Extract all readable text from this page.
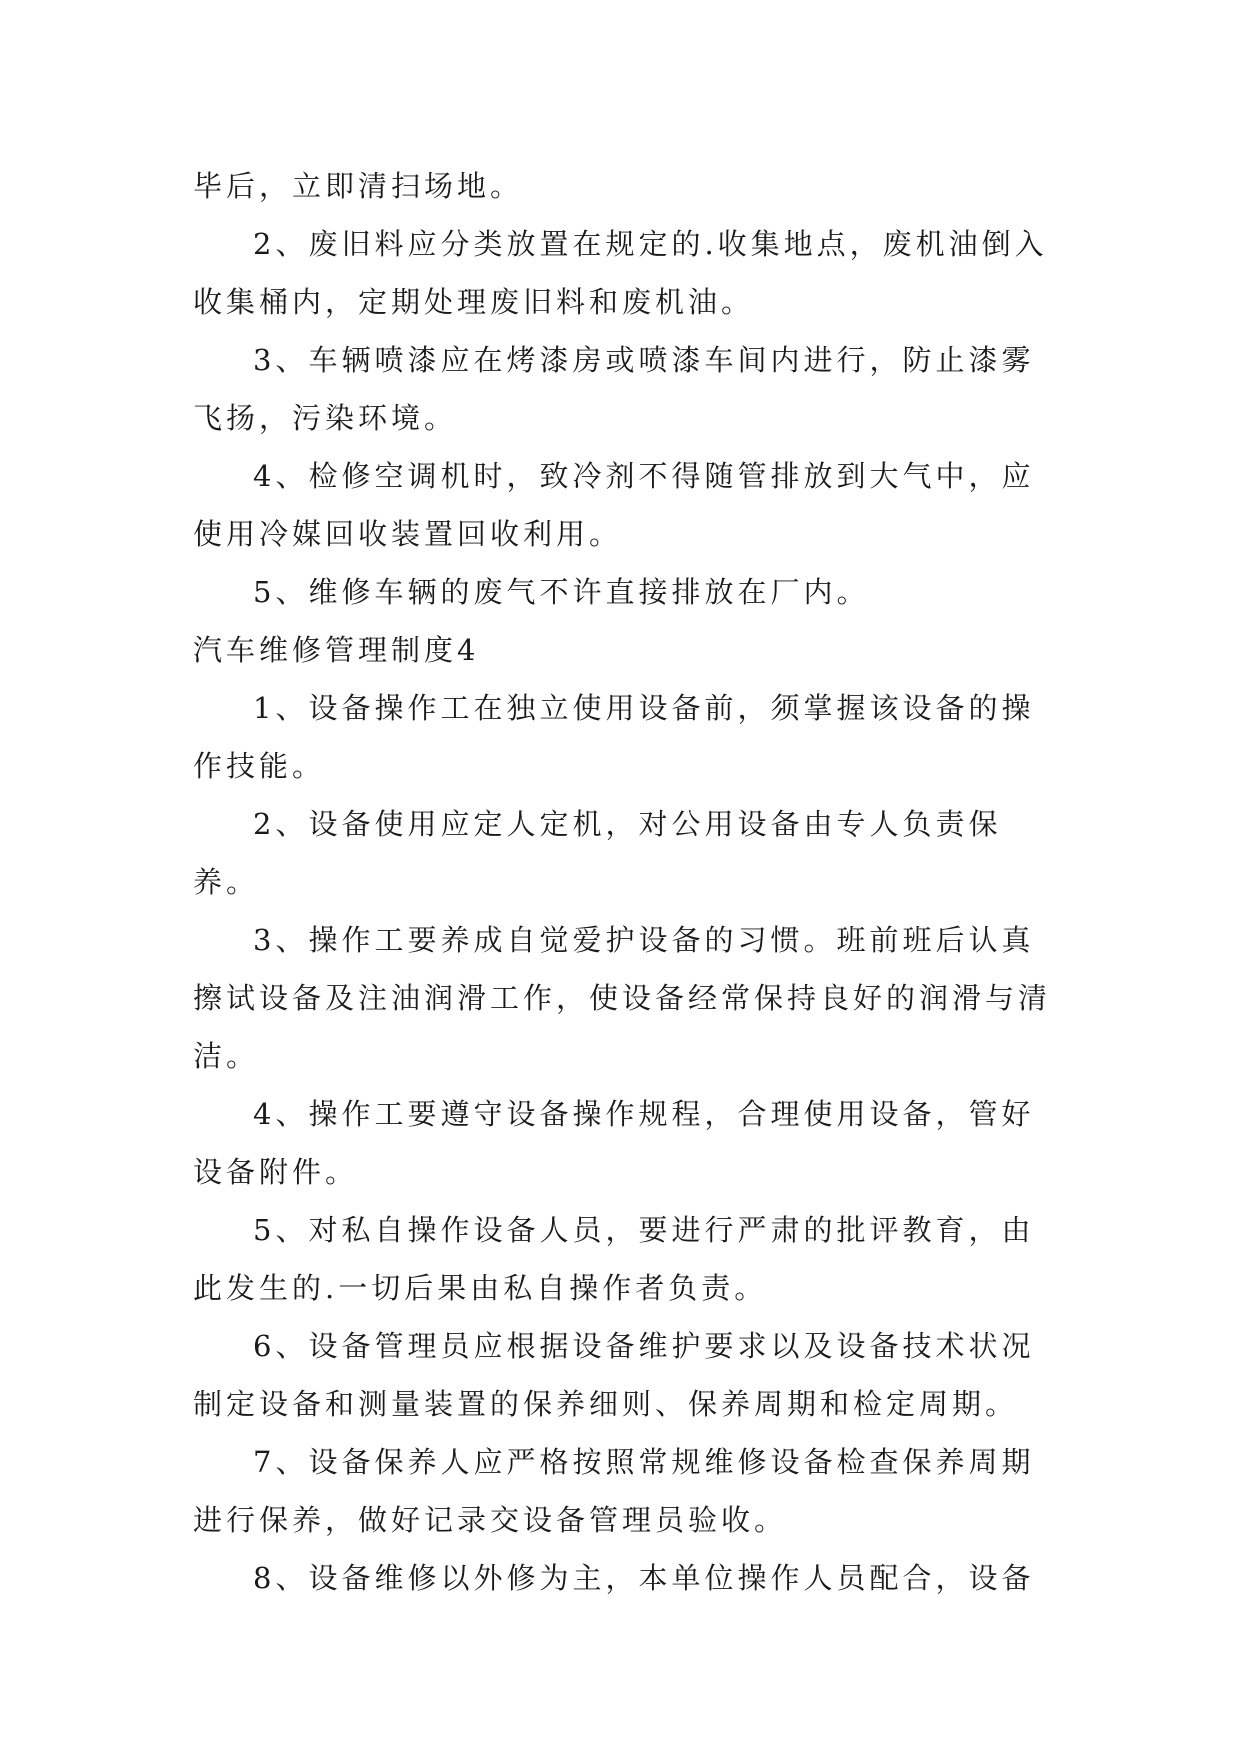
毕后，立即清扫场地。

2、废旧料应分类放置在规定的.收集地点，废机油倒入收集桶内，定期处理废旧料和废机油。

3、车辆喷漆应在烤漆房或喷漆车间内进行，防止漆雾飞扬，污染环境。

4、检修空调机时，致冷剂不得随管排放到大气中，应使用冷媒回收装置回收利用。

5、维修车辆的废气不许直接排放在厂内。

汽车维修管理制度4

1、设备操作工在独立使用设备前，须掌握该设备的操作技能。

2、设备使用应定人定机，对公用设备由专人负责保养。

3、操作工要养成自觉爱护设备的习惯。班前班后认真擦试设备及注油润滑工作，使设备经常保持良好的润滑与清洁。

4、操作工要遵守设备操作规程，合理使用设备，管好设备附件。

5、对私自操作设备人员，要进行严肃的批评教育，由此发生的.一切后果由私自操作者负责。

6、设备管理员应根据设备维护要求以及设备技术状况制定设备和测量装置的保养细则、保养周期和检定周期。

7、设备保养人应严格按照常规维修设备检查保养周期进行保养，做好记录交设备管理员验收。

8、设备维修以外修为主，本单位操作人员配合，设备
